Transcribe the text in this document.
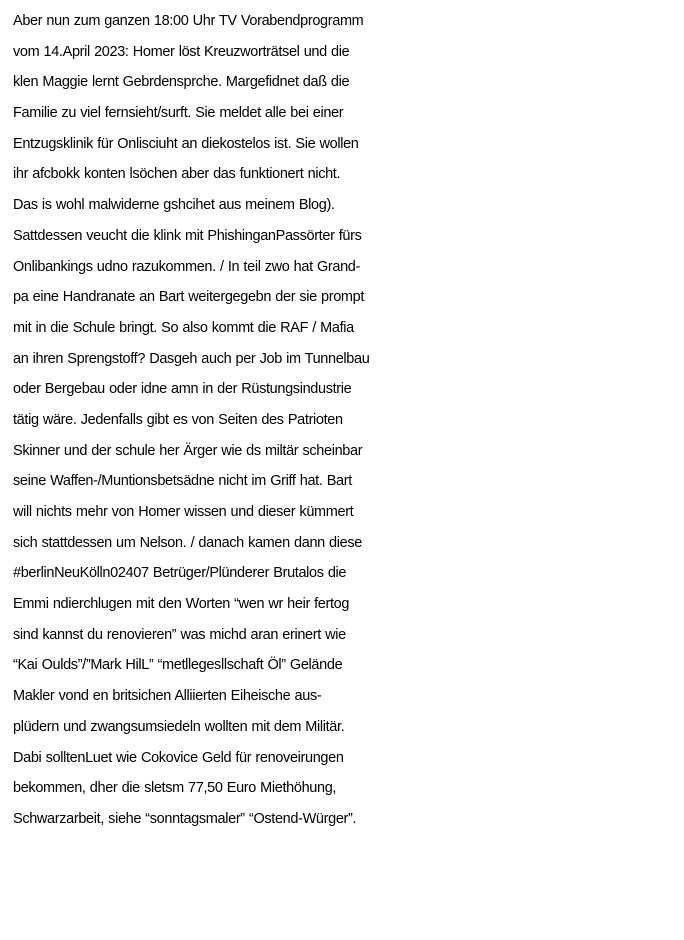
Aber nun zum ganzen 18:00 Uhr TV Vorabendprogramm
vom 14.April 2023: Homer löst Kreuzworträtsel und die
klen Maggie lernt Gebrdensprche. Margefidnet daß die
Familie zu viel fernsieht/surft. Sie meldet alle bei einer
Entzugsklinik für Onlisciuht an diekostelos ist. Sie wollen
ihr afcbokk konten lsöchen aber das funktionert nicht.
Das is wohl malwiderne gshcihet aus meinem Blog).
Sattdessen veucht die klink mit PhishinganPassörter fürs
Onlibankings udno razukommen. / In teil zwo hat Grand-
pa eine Handranate an Bart weitergegebn der sie prompt
mit in die Schule bringt. So also kommt die RAF / Mafia
an ihren Sprengstoff? Dasgeh auch per Job im Tunnelbau
oder Bergebau oder idne amn in der Rüstungsindustrie
tätig wäre. Jedenfalls gibt es von Seiten des Patrioten
Skinner und der schule her Ärger wie ds miltär scheinbar
seine Waffen-/Muntionsbetsädne nicht im Griff hat. Bart
will nichts mehr von Homer wissen und dieser kümmert
sich stattdessen um Nelson. / danach kamen dann diese
#berlinNeuKölln02407 Betrüger/Plünderer Brutalos die
Emmi ndierchlugen mit den Worten “wen wr heir fertog
sind kannst du renovieren” was michd aran erinert wie
“Kai Oulds”/”Mark HilL” “metllegesllschaft Öl” Gelände
Makler vond en britsichen Alliierten Eiheische aus-
plüdern und zwangsumsiedeln wollten mit dem Militär.
Dabi solltenLuet wie Cokovice Geld für renoveirungen
bekommen, dher die sletsm 77,50 Euro Miethöhung,
Schwarzarbeit, siehe “sonntagsmaler” “Ostend-Würger”.
